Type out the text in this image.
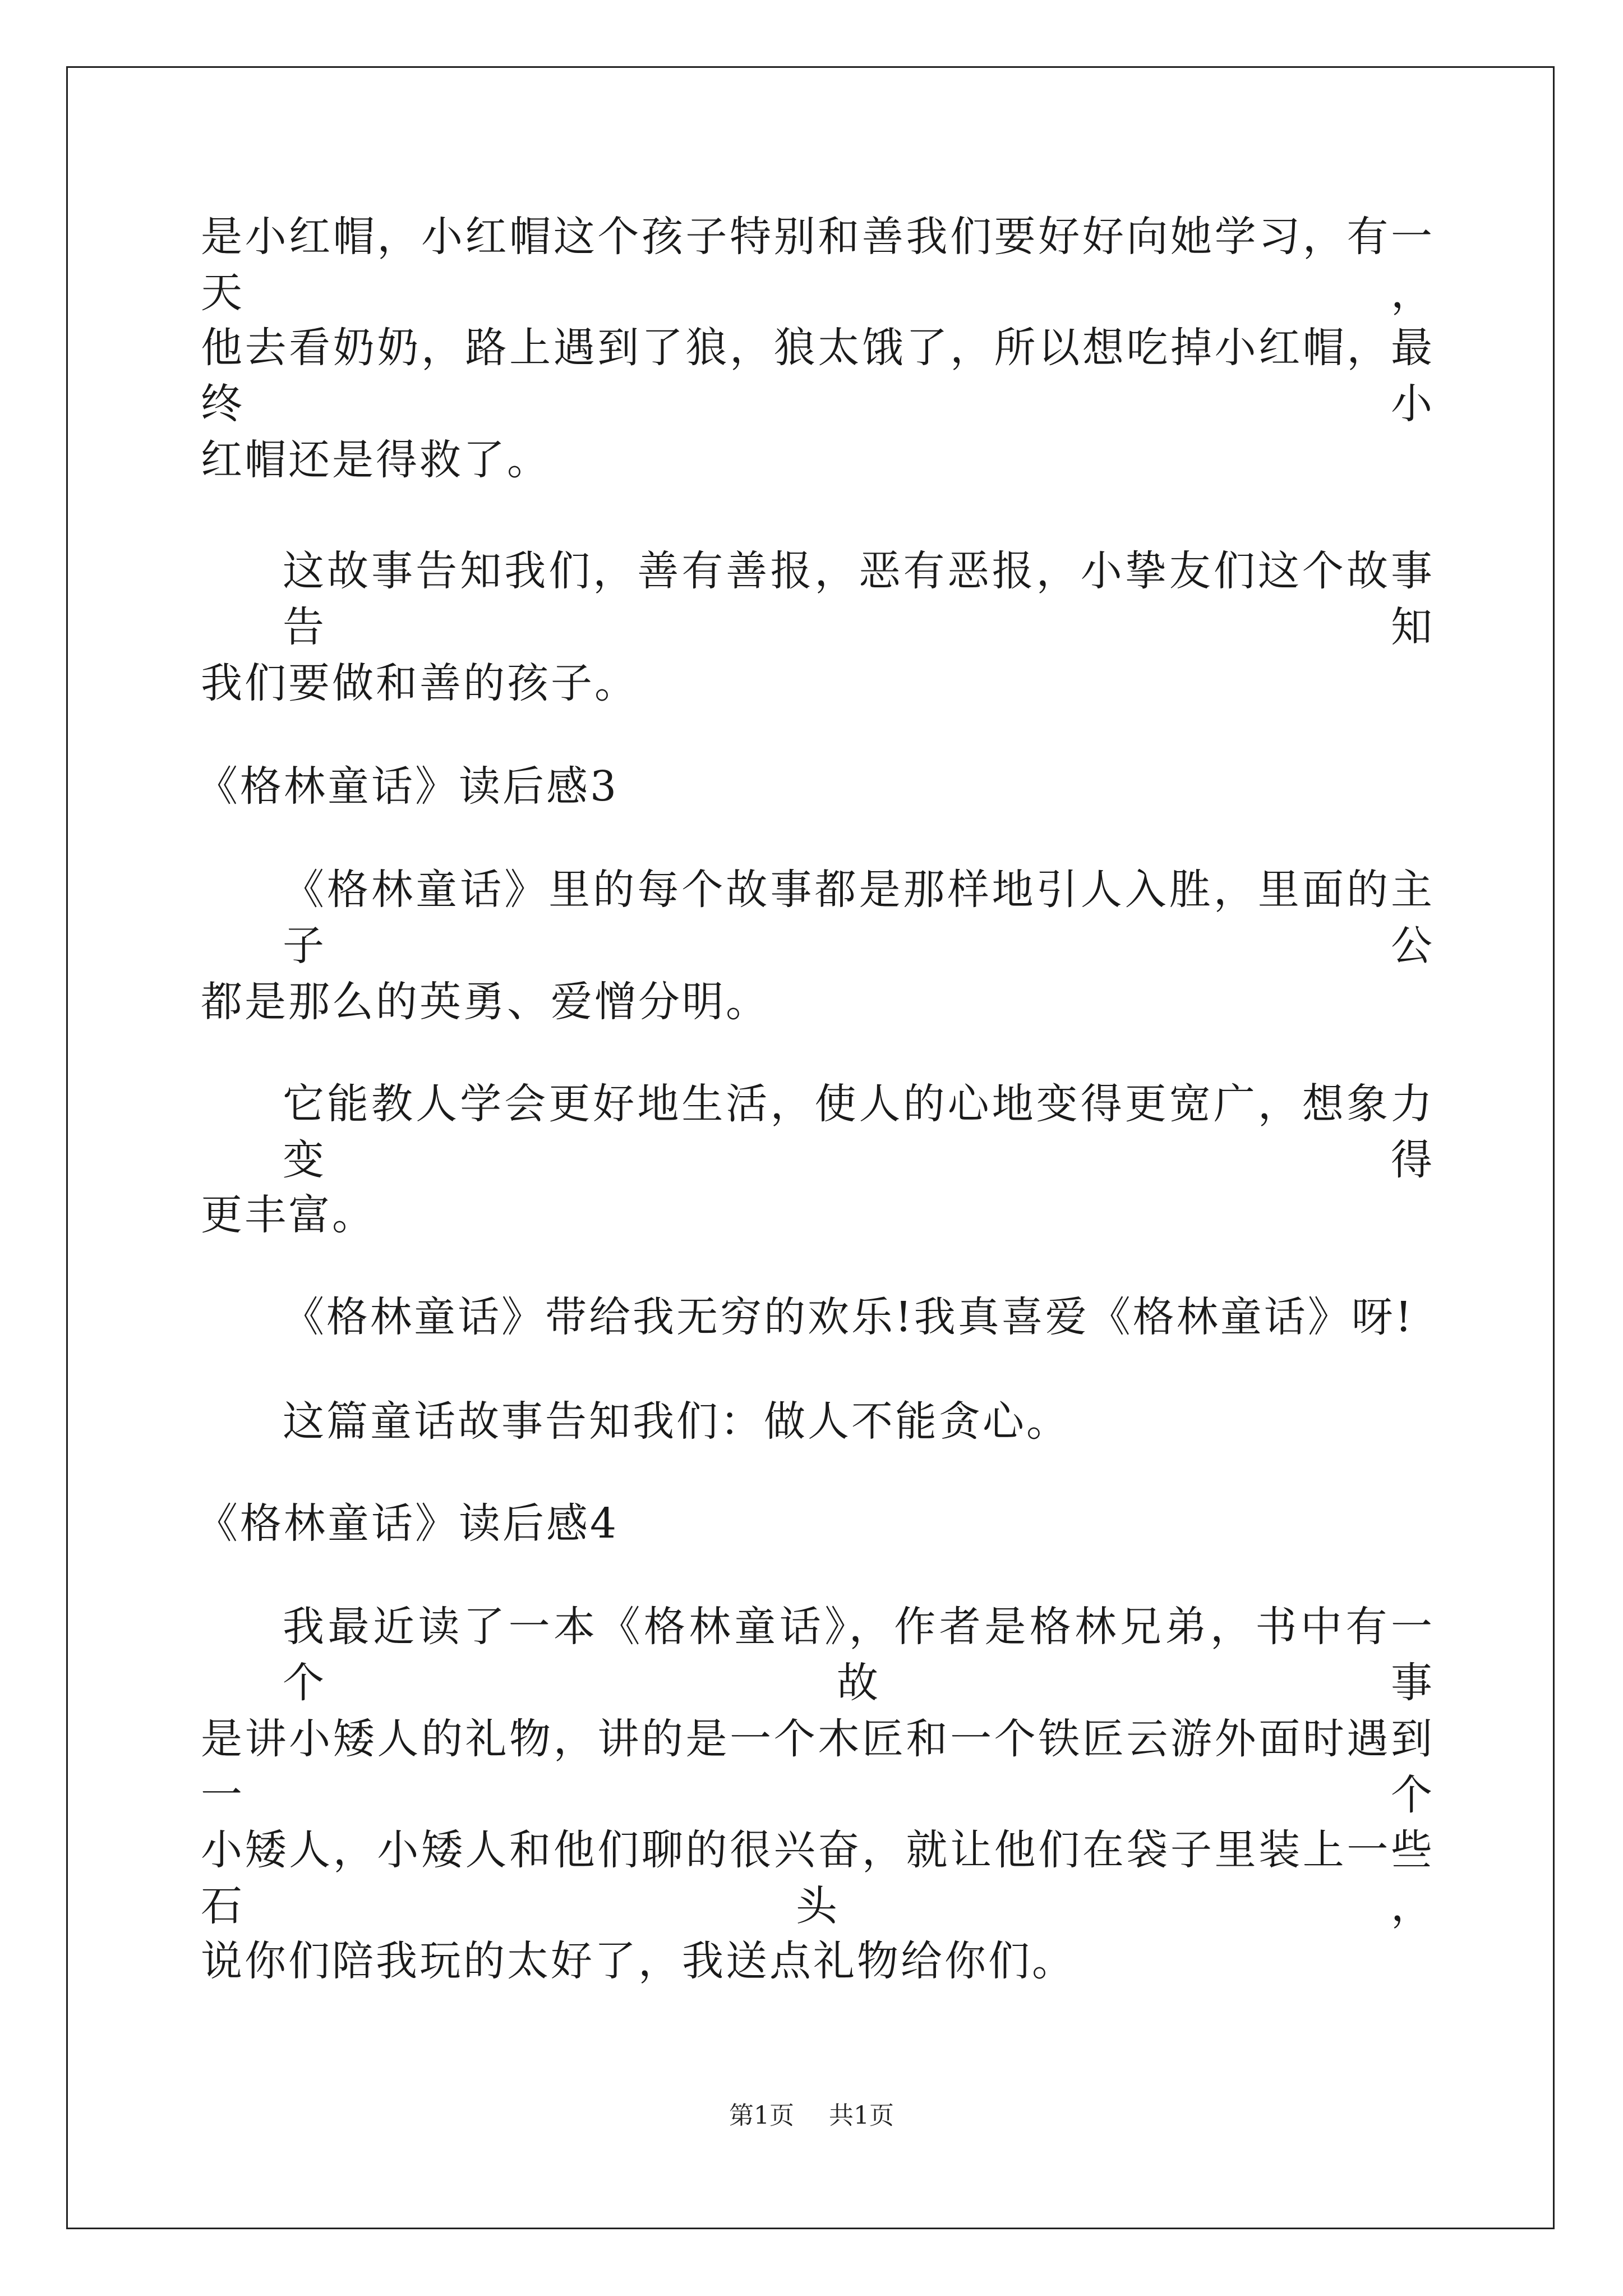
是小红帽，小红帽这个孩子特别和善我们要好好向她学习，有一天，
他去看奶奶，路上遇到了狼，狼太饿了，所以想吃掉小红帽，最终小
红帽还是得救了。
这故事告知我们，善有善报，恶有恶报，小挚友们这个故事告知
我们要做和善的孩子。
《格林童话》读后感3
《格林童话》里的每个故事都是那样地引人入胜，里面的主子公
都是那么的英勇、爱憎分明。
它能教人学会更好地生活，使人的心地变得更宽广，想象力变得
更丰富。
《格林童话》带给我无穷的欢乐!我真喜爱《格林童话》呀!
这篇童话故事告知我们：做人不能贪心。
《格林童话》读后感4
我最近读了一本《格林童话》，作者是格林兄弟，书中有一个故事
是讲小矮人的礼物，讲的是一个木匠和一个铁匠云游外面时遇到一个
小矮人，小矮人和他们聊的很兴奋，就让他们在袋子里装上一些石头，
说你们陪我玩的太好了，我送点礼物给你们。
第1页 共1页
